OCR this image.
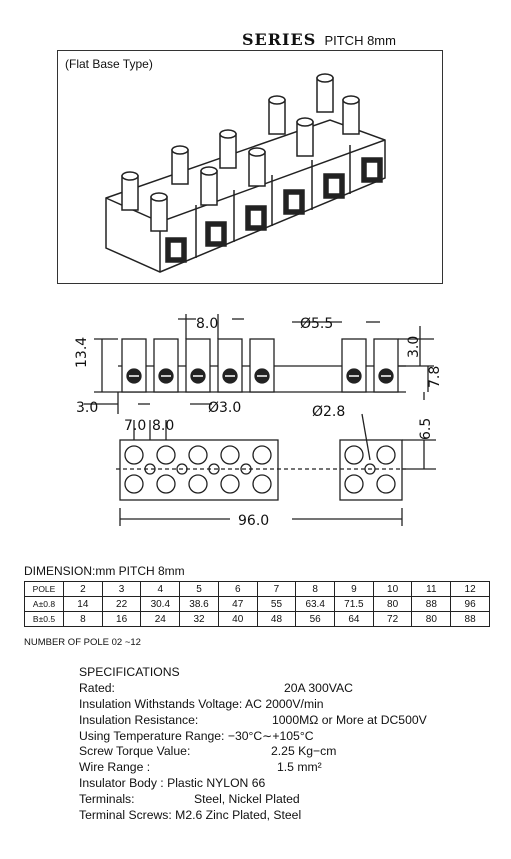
SERIES PITCH 8mm
(Flat Base Type)
8.0	Ø5.5
13.4	3.0
7.8
3.0	Ø3.0
7.0 8.0
Ø2.8
6.5
96.0
DIMENSION:mm PITCH 8mm
POLE	2	3	4	5	6	7	8	9	10	11	12
A±0.8	14	22	30.4	38.6	47	55	63.4	71.5	80	88	96
B±0.5	8	16	24	32	40	48	56	64	72	80	88
NUMBER OF POLE 02 ~12
SPECIFICATIONS
Rated:	20A 300VAC
Insulation Withstands Voltage: AC 2000V/min
Insulation Resistance:	1000MΩ or More at DC500V
Using Temperature Range: −30°C∼+105°C
Screw Torque Value:	2.25 Kg−cm
Wire Range :	1.5 mm²
Insulator Body : Plastic NYLON 66
Terminals:	Steel, Nickel Plated
Terminal Screws: M2.6 Zinc Plated, Steel
